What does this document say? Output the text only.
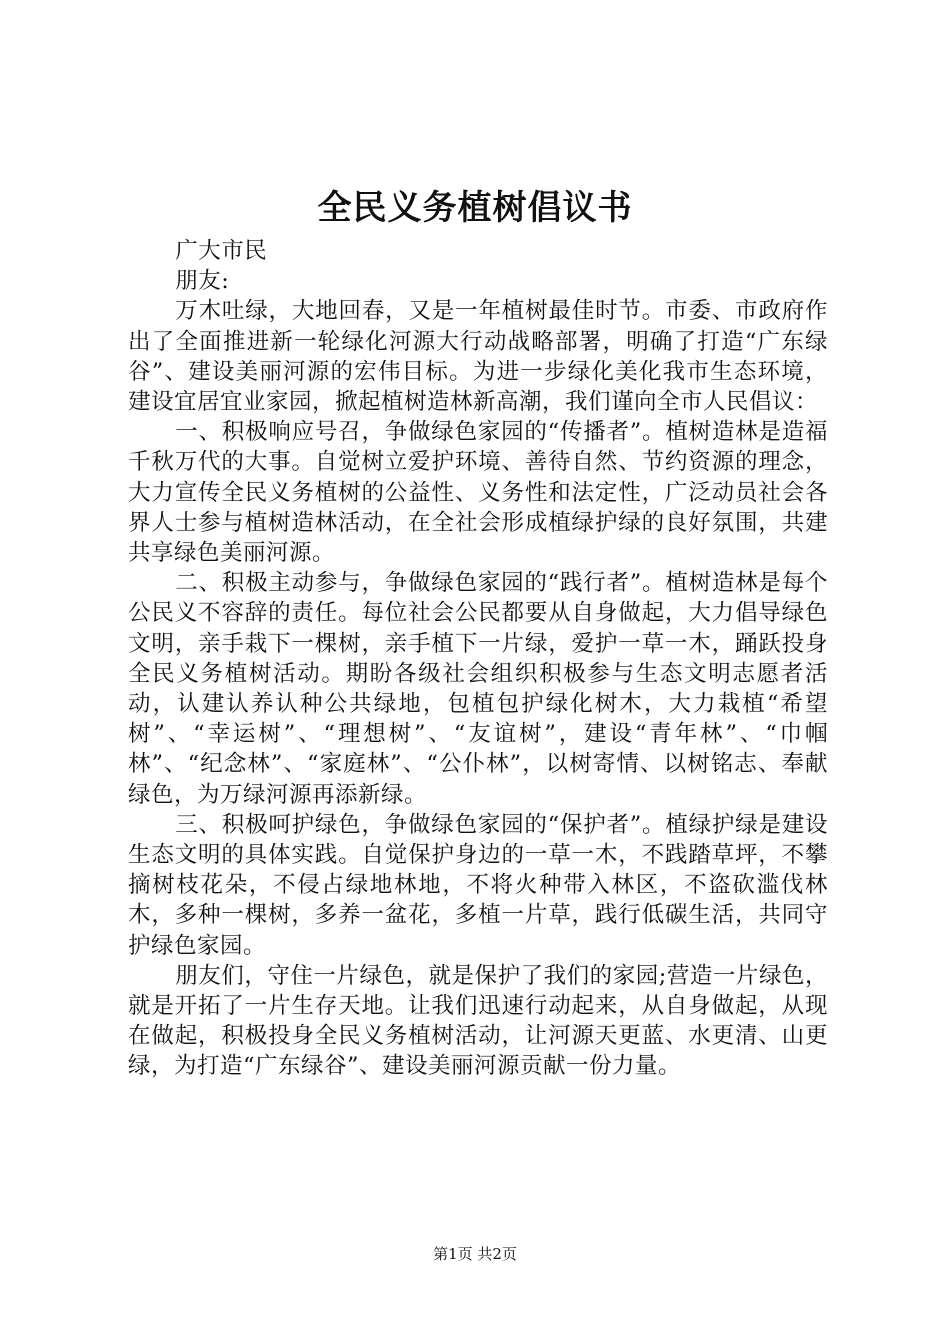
全民义务植树倡议书

广大市民

朋友:

万木吐绿，大地回春，又是一年植树最佳时节。市委、市政府作出了全面推进新一轮绿化河源大行动战略部署，明确了打造“广东绿谷”、建设美丽河源的宏伟目标。为进一步绿化美化我市生态环境，建设宜居宜业家园，掀起植树造林新高潮，我们谨向全市人民倡议：

一、积极响应号召，争做绿色家园的“传播者”。植树造林是造福千秋万代的大事。自觉树立爱护环境、善待自然、节约资源的理念，大力宣传全民义务植树的公益性、义务性和法定性，广泛动员社会各界人士参与植树造林活动，在全社会形成植绿护绿的良好氛围，共建共享绿色美丽河源。

二、积极主动参与，争做绿色家园的“践行者”。植树造林是每个公民义不容辞的责任。每位社会公民都要从自身做起，大力倡导绿色文明，亲手栽下一棵树，亲手植下一片绿，爱护一草一木，踊跃投身全民义务植树活动。期盼各级社会组织积极参与生态文明志愿者活动，认建认养认种公共绿地，包植包护绿化树木，大力栽植“希望树”、“幸运树”、“理想树”、“友谊树”，建设“青年林”、“巾帼林”、“纪念林”、“家庭林”、“公仆林”，以树寄情、以树铭志、奉献绿色，为万绿河源再添新绿。

三、积极呵护绿色，争做绿色家园的“保护者”。植绿护绿是建设生态文明的具体实践。自觉保护身边的一草一木，不践踏草坪，不攀摘树枝花朵，不侵占绿地林地，不将火种带入林区，不盗砍滥伐林木，多种一棵树，多养一盆花，多植一片草，践行低碳生活，共同守护绿色家园。

朋友们，守住一片绿色，就是保护了我们的家园;营造一片绿色，就是开拓了一片生存天地。让我们迅速行动起来，从自身做起，从现在做起，积极投身全民义务植树活动，让河源天更蓝、水更清、山更绿，为打造“广东绿谷”、建设美丽河源贡献一份力量。

第1页 共2页
